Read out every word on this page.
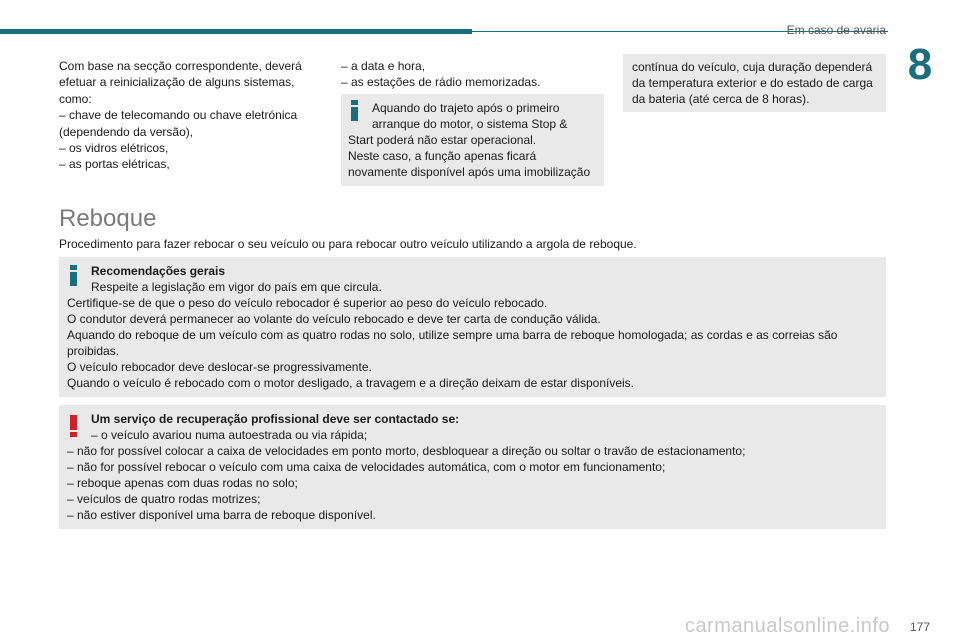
Em caso de avaria
8
Com base na secção correspondente, deverá
efetuar a reinicialização de alguns sistemas,
como:
– chave de telecomando ou chave eletrónica
(dependendo da versão),
– os vidros elétricos,
– as portas elétricas,
– a data e hora,
– as estações de rádio memorizadas.
Aquando do trajeto após o primeiro
arranque do motor, o sistema Stop &
Start poderá não estar operacional.
Neste caso, a função apenas ficará
novamente disponível após uma imobilização
contínua do veículo, cuja duração dependerá
da temperatura exterior e do estado de carga
da bateria (até cerca de 8 horas).
Reboque
Procedimento para fazer rebocar o seu veículo ou para rebocar outro veículo utilizando a argola de reboque.
Recomendações gerais
Respeite a legislação em vigor do país em que circula.
Certifique-se de que o peso do veículo rebocador é superior ao peso do veículo rebocado.
O condutor deverá permanecer ao volante do veículo rebocado e deve ter carta de condução válida.
Aquando do reboque de um veículo com as quatro rodas no solo, utilize sempre uma barra de reboque homologada; as cordas e as correias são
proibidas.
O veículo rebocador deve deslocar-se progressivamente.
Quando o veículo é rebocado com o motor desligado, a travagem e a direção deixam de estar disponíveis.
Um serviço de recuperação profissional deve ser contactado se:
– o veículo avariou numa autoestrada ou via rápida;
– não for possível colocar a caixa de velocidades em ponto morto, desbloquear a direção ou soltar o travão de estacionamento;
– não for possível rebocar o veículo com uma caixa de velocidades automática, com o motor em funcionamento;
– reboque apenas com duas rodas no solo;
– veículos de quatro rodas motrizes;
– não estiver disponível uma barra de reboque disponível.
carmanualsonline.info 177
